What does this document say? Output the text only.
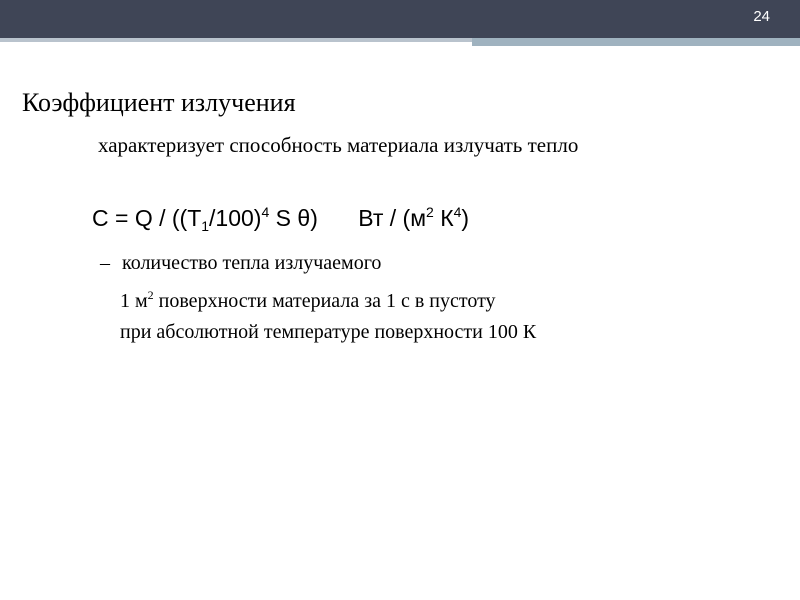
24
Коэффициент излучения
характеризует способность материала излучать тепло
$C = Q / ((T_1/100)^4$ S θ) Вт / ($м^2$ $К^4$)
– количество тепла излучаемого
1 $м^2$ поверхности материала за 1 с в пустоту
при абсолютной температуре поверхности 100 К
